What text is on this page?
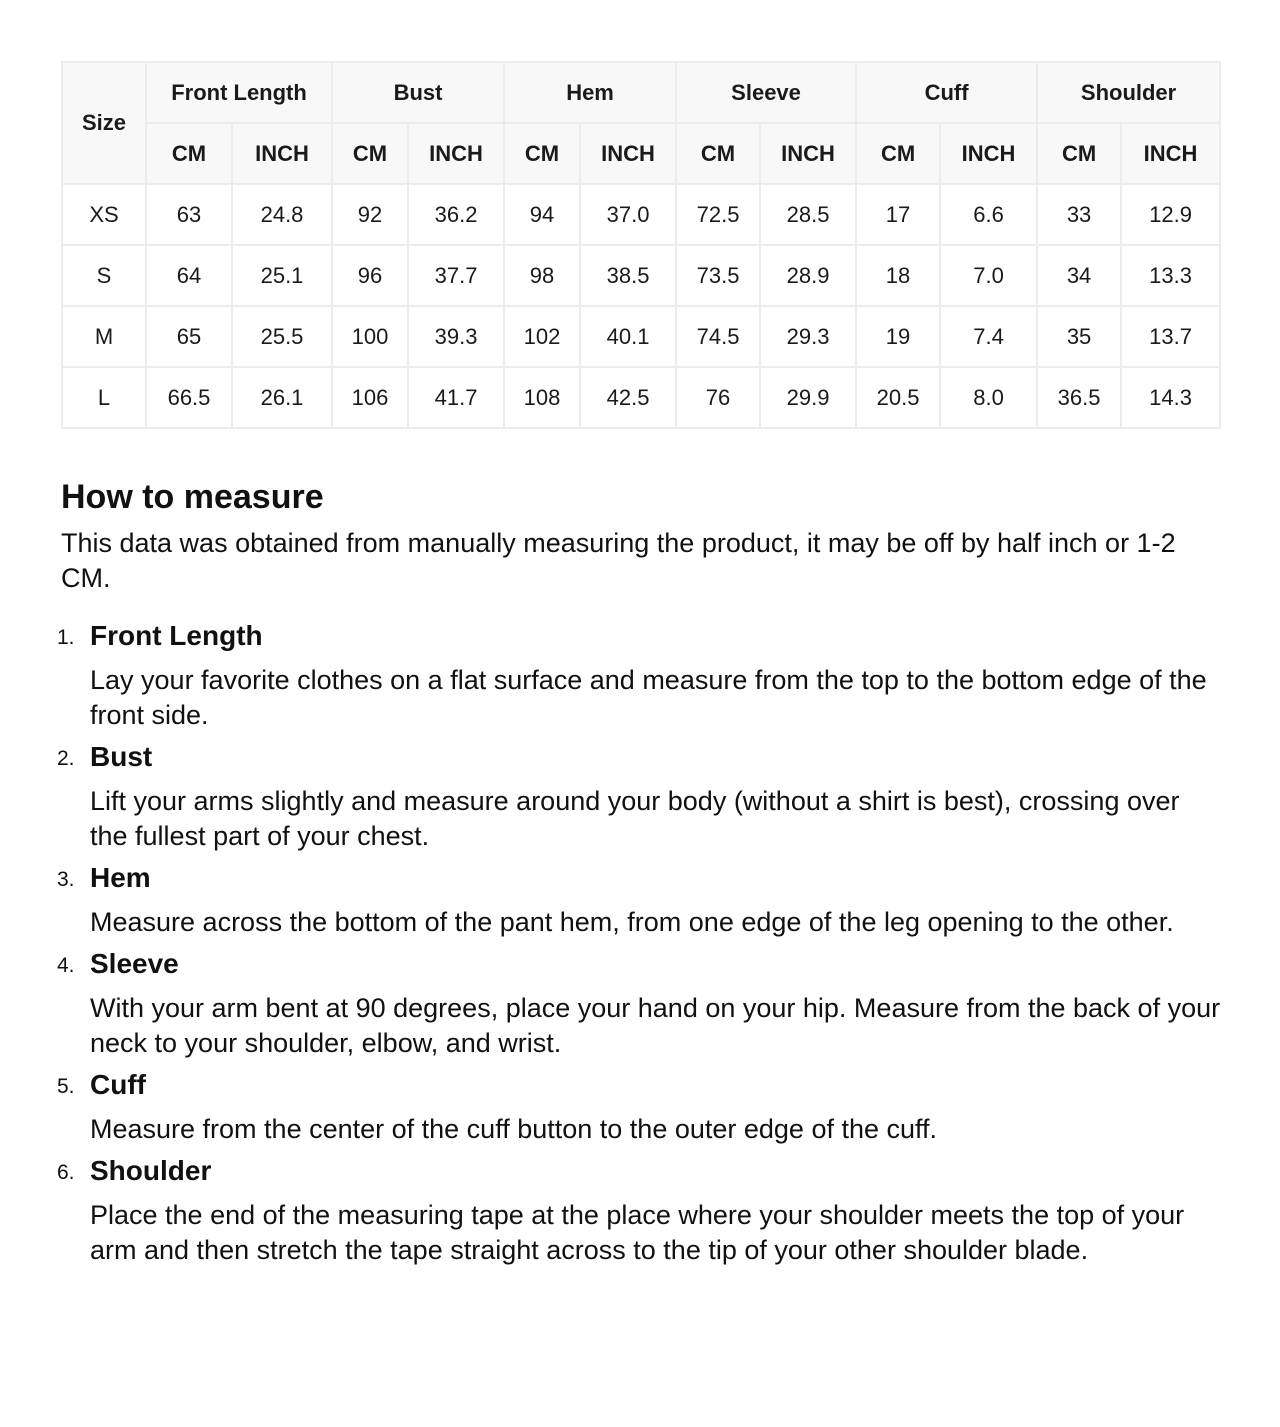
Size	Front Length		Bust		Hem		Sleeve		Cuff		Shoulder	
	CM	INCH	CM	INCH	CM	INCH	CM	INCH	CM	INCH	CM	INCH
XS	63	24.8	92	36.2	94	37.0	72.5	28.5	17	6.6	33	12.9
S	64	25.1	96	37.7	98	38.5	73.5	28.9	18	7.0	34	13.3
M	65	25.5	100	39.3	102	40.1	74.5	29.3	19	7.4	35	13.7
L	66.5	26.1	106	41.7	108	42.5	76	29.9	20.5	8.0	36.5	14.3
How to measure

This data was obtained from manually measuring the product, it may be off by half inch or 1-2 CM.

1. Front Length
Lay your favorite clothes on a flat surface and measure from the top to the bottom edge of the front side.
2. Bust
Lift your arms slightly and measure around your body (without a shirt is best), crossing over the fullest part of your chest.
3. Hem
Measure across the bottom of the pant hem, from one edge of the leg opening to the other.
4. Sleeve
With your arm bent at 90 degrees, place your hand on your hip. Measure from the back of your neck to your shoulder, elbow, and wrist.
5. Cuff
Measure from the center of the cuff button to the outer edge of the cuff.
6. Shoulder
Place the end of the measuring tape at the place where your shoulder meets the top of your arm and then stretch the tape straight across to the tip of your other shoulder blade.
